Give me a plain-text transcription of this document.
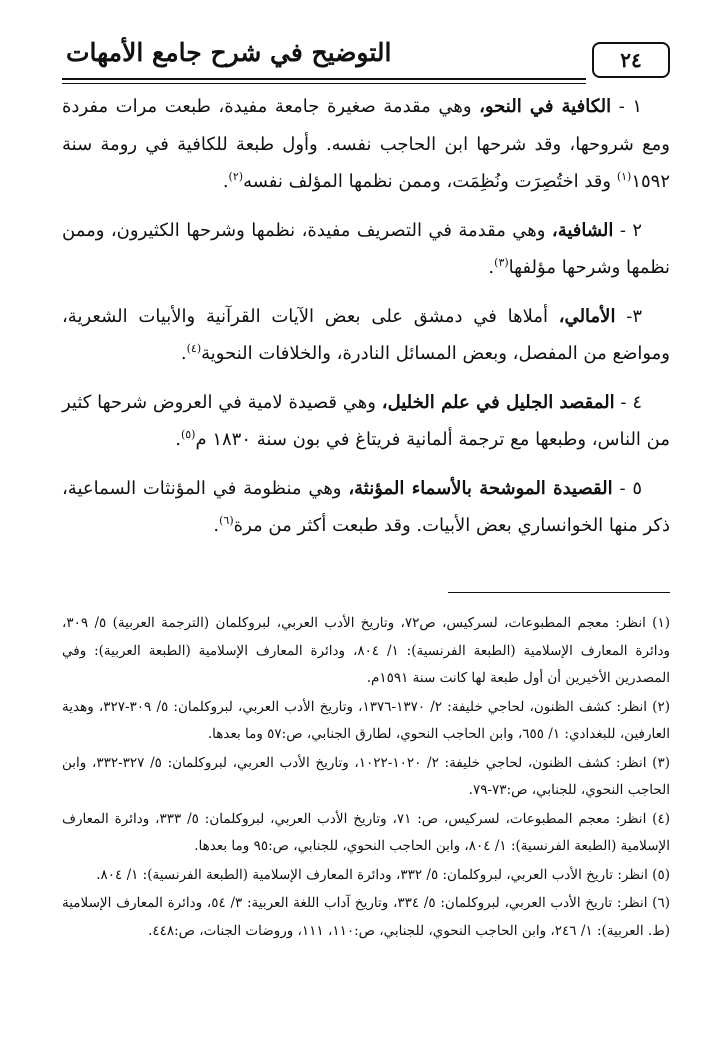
٢٤
التوضيح في شرح جامع الأمهات

١ - الكافية في النحو، وهي مقدمة صغيرة جامعة مفيدة، طبعت مرات مفردة ومع شروحها، وقد شرحها ابن الحاجب نفسه. وأول طبعة للكافية في رومة سنة ١٥٩٢$^{(١)}$ وقد اختُصِرَت ونُظِمَت، وممن نظمها المؤلف نفسه$^{(٢)}$.

٢ - الشافية، وهي مقدمة في التصريف مفيدة، نظمها وشرحها الكثيرون، وممن نظمها وشرحها مؤلفها$^{(٣)}$.

٣- الأمالي، أملاها في دمشق على بعض الآيات القرآنية والأبيات الشعرية، ومواضع من المفصل، وبعض المسائل النادرة، والخلافات النحوية$^{(٤)}$.

٤ - المقصد الجليل في علم الخليل، وهي قصيدة لامية في العروض شرحها كثير من الناس، وطبعها مع ترجمة ألمانية فريتاغ في بون سنة ١٨٣٠ م$^{(٥)}$.

٥ - القصيدة الموشحة بالأسماء المؤنثة، وهي منظومة في المؤنثات السماعية، ذكر منها الخوانساري بعض الأبيات. وقد طبعت أكثر من مرة$^{(٦)}$.

(١) انظر: معجم المطبوعات، لسركيس، ص٧٢، وتاريخ الأدب العربي، لبروكلمان (الترجمة العربية) ٥/ ٣٠٩، ودائرة المعارف الإسلامية (الطبعة الفرنسية): ١/ ٨٠٤، ودائرة المعارف الإسلامية (الطبعة العربية): وفي المصدرين الأخيرين أن أول طبعة لها كانت سنة ١٥٩١م.

(٢) انظر: كشف الظنون، لحاجي خليفة: ٢/ ١٣٧٠-١٣٧٦، وتاريخ الأدب العربي، لبروكلمان: ٥/ ٣٠٩-٣٢٧، وهدية العارفين، للبغدادي: ١/ ٦٥٥، وابن الحاجب النحوي، لطارق الجنابي، ص:٥٧ وما بعدها.

(٣) انظر: كشف الظنون، لحاجي خليفة: ٢/ ١٠٢٠-١٠٢٢، وتاريخ الأدب العربي، لبروكلمان: ٥/ ٣٢٧-٣٣٢، وابن الحاجب النحوي، للجنابي، ص:٧٣-٧٩.

(٤) انظر: معجم المطبوعات، لسركيس، ص: ٧١، وتاريخ الأدب العربي، لبروكلمان: ٥/ ٣٣٣، ودائرة المعارف الإسلامية (الطبعة الفرنسية): ١/ ٨٠٤، وابن الحاجب النحوي، للجنابي، ص:٩٥ وما بعدها.

(٥) انظر: تاريخ الأدب العربي، لبروكلمان: ٥/ ٣٣٢، ودائرة المعارف الإسلامية (الطبعة الفرنسية): ١/ ٨٠٤.

(٦) انظر: تاريخ الأدب العربي، لبروكلمان: ٥/ ٣٣٤، وتاريخ آداب اللغة العربية: ٣/ ٥٤، ودائرة المعارف الإسلامية (ط. العربية): ١/ ٢٤٦، وابن الحاجب النحوي، للجنابي، ص:١١٠، ١١١، وروضات الجنات، ص:٤٤٨.
